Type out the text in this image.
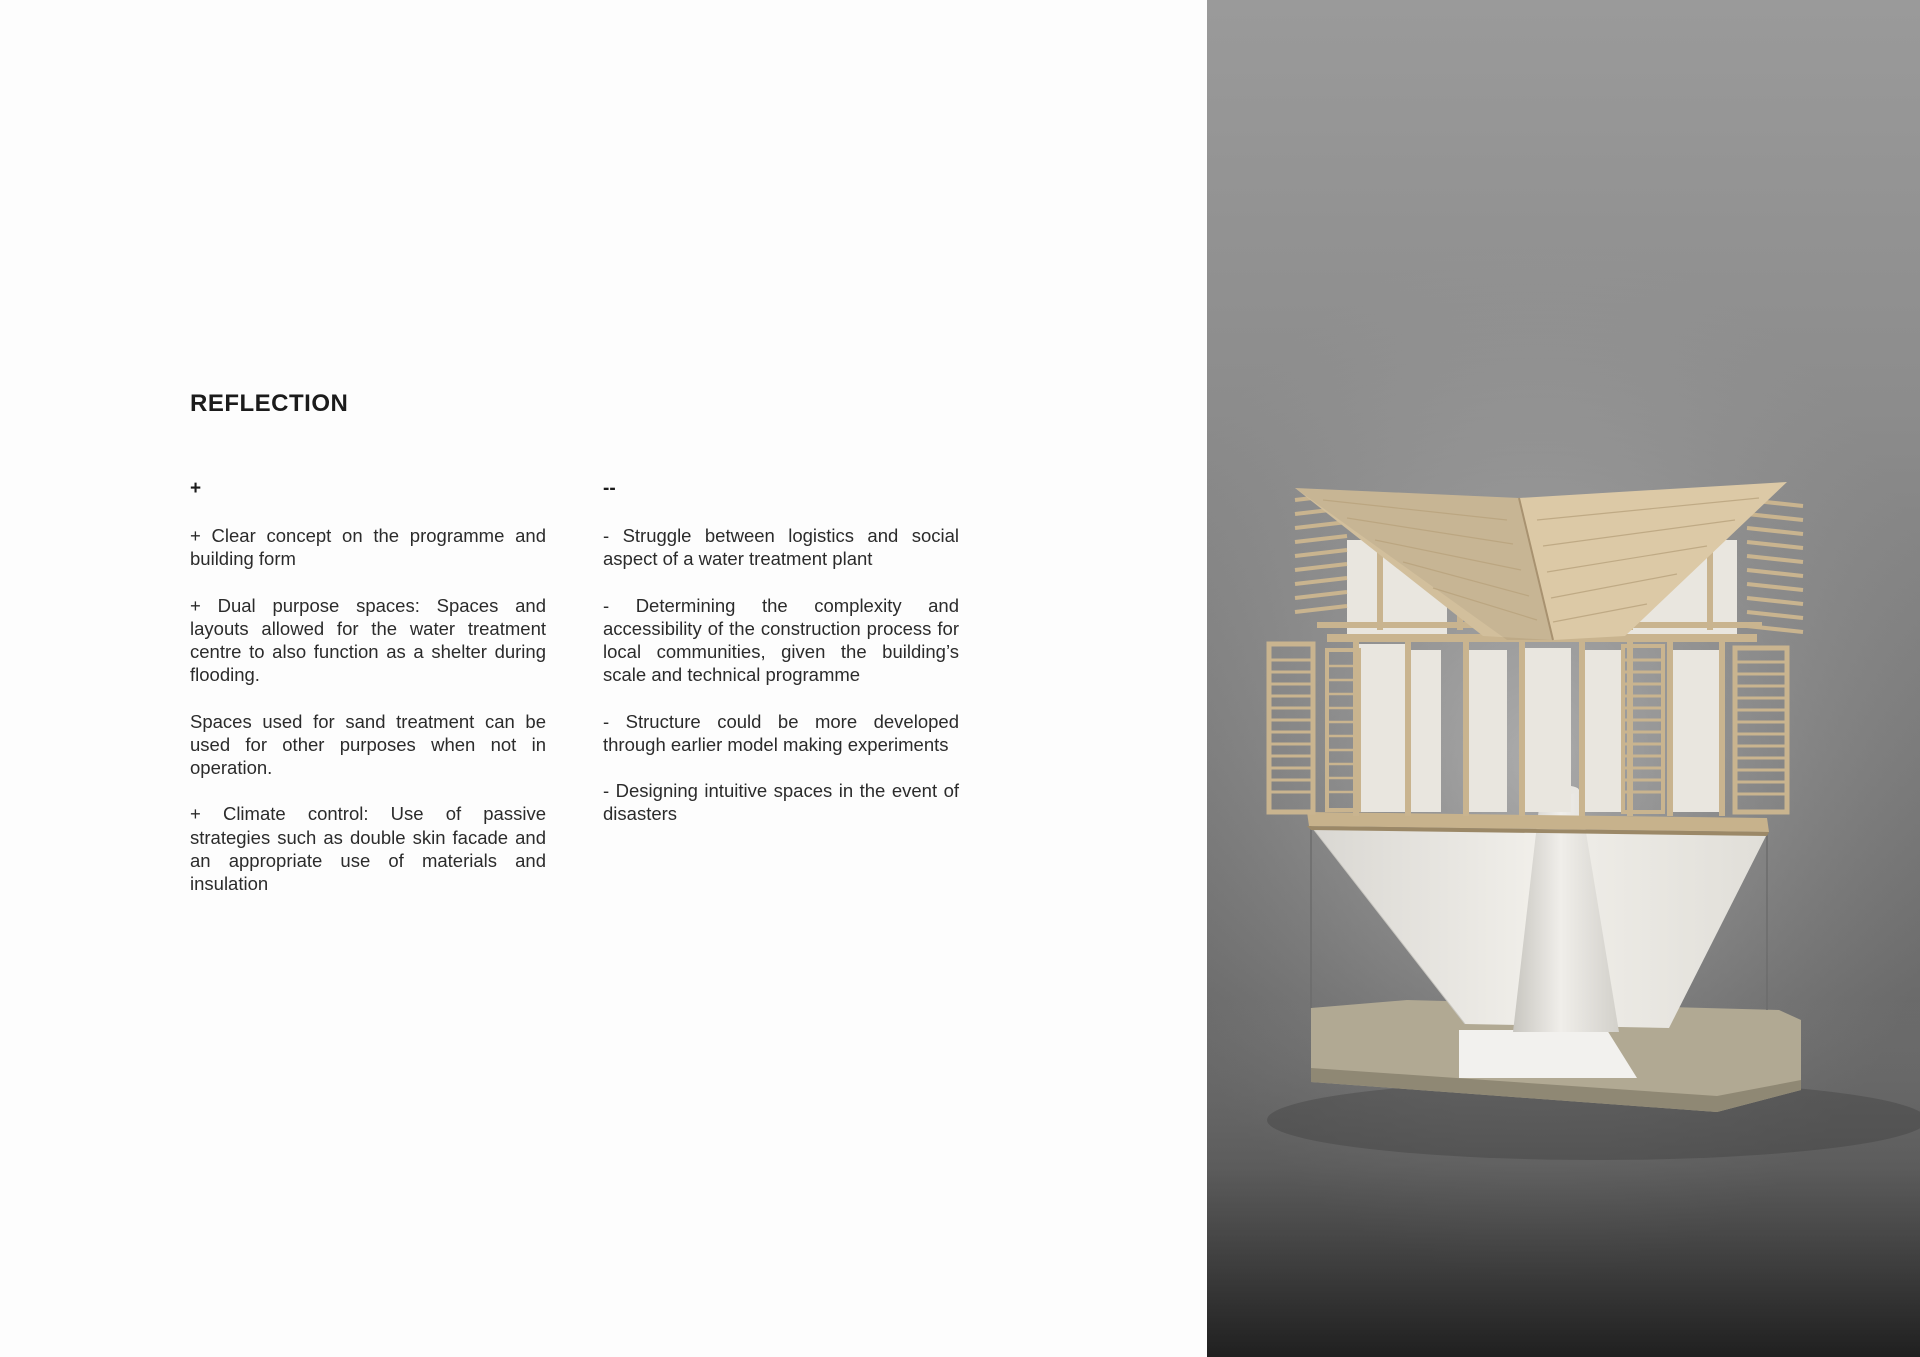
REFLECTION
+

+ Clear concept on the programme and building form

+ Dual purpose spaces: Spaces and layouts allowed for the water treatment centre to also function as a shelter during flooding.

Spaces used for sand treatment can be used for other purposes when not in operation.

+ Climate control: Use of passive strategies such as double skin facade and an appropriate use of materials and insulation

--

- Struggle between logistics and social aspect of a water treatment plant

- Determining the complexity and accessibility of the construction process for local communities, given the building’s scale and technical programme

- Structure could be more developed through earlier model making experiments

- Designing intuitive spaces in the event of disasters
